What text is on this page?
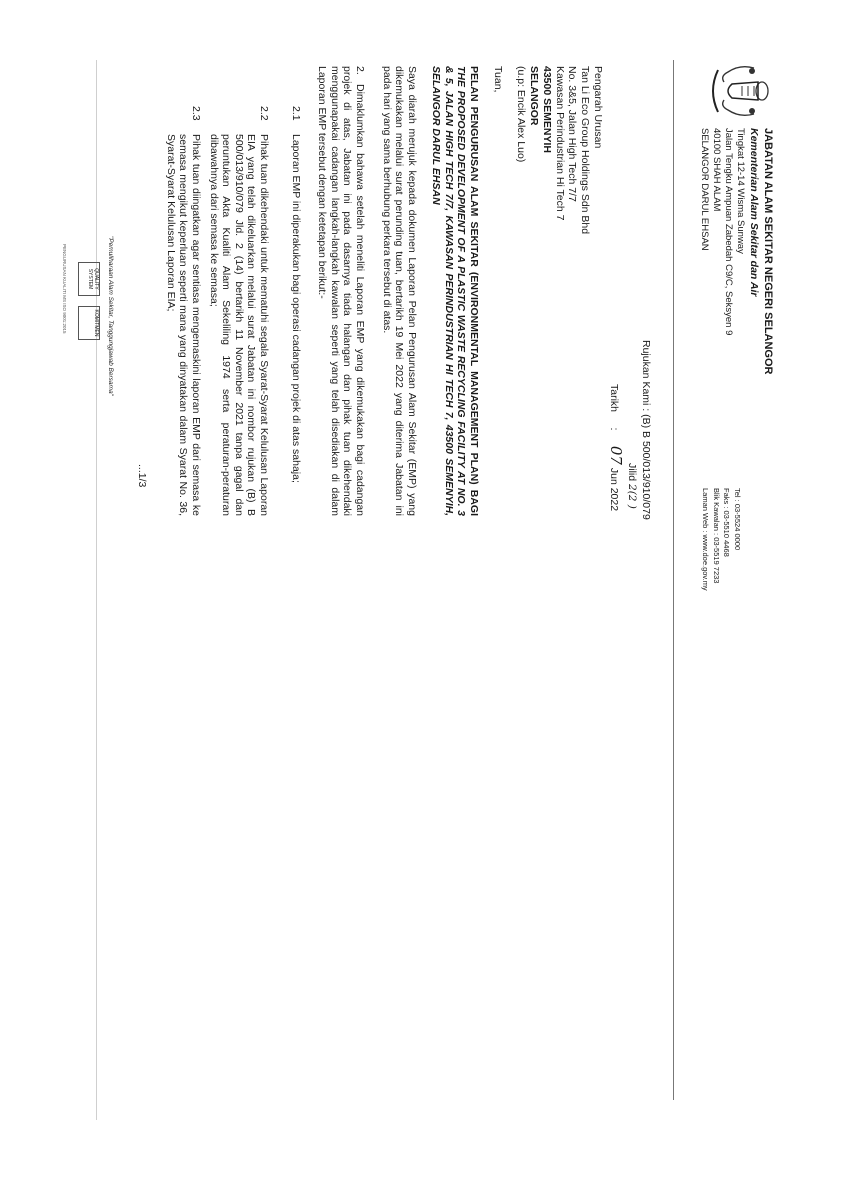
JABATAN ALAM SEKITAR NEGERI SELANGOR
Kementerian Alam Sekitar dan Air
Tingkat 12-14 Wisma Sunway
Jalan Tengku Ampuan Zabedah C9/C, Seksyen 9
40100 SHAH ALAM
SELANGOR DARUL EHSAN
Tel : 03-5524 0000
Faks : 03-5510 4468
Blik Kawalan : 03-5519 7233
Laman Web : www.doe.gov.my
Rujukan Kami : (B) B 500/013/910/079
Jilid 2(2 )
Tarikh : 07 Jun 2022
Pengarah Urusan
Tan Li Eco Group Holdings Sdn Bhd
No. 3&5, Jalan High Tech 7/7
Kawasan Perindustrian Hi Tech 7
43500 SEMENYIH
SELANGOR
(u.p: Encik Alex Luo)
Tuan,
PELAN PENGURUSAN ALAM SEKITAR (ENVIRONMENTAL MANAGEMENT PLAN) BAGI THE PROPOSED DEVELOPMENT OF A PLASTIC WASTE RECYCLING FACILITY AT NO. 3 & 5, JALAN HIGH TECH 7/7, KAWASAN PERINDUSTRIAN HI TECH 7, 43500 SEMENYIH, SELANGOR DARUL EHSAN
Saya diarah merujuk kepada dokumen Laporan Pelan Pengurusan Alam Sekitar (EMP) yang dikemukakan melalui surat perunding tuan, bertarikh 19 Mei 2022 yang diterima Jabatan ini pada hari yang sama berhubung perkara tersebut di atas.
2.
Dimaklumkan bahawa setelah meneliti Laporan EMP yang dikemukakan bagi cadangan projek di atas, Jabatan ini pada dasarnya tiada halangan dan pihak tuan dikehendaki menggunapakai cadangan langkah-langkah kawalan seperti yang telah disediakan di dalam Laporan EMP tersebut dengan ketetapan berikut:-
2.1
Laporan EMP ini diperakukan bagi operasi cadangan projek di atas sahaja;
2.2
Pihak tuan dikehendaki untuk mematuhi segala Syarat-Syarat Kelulusan Laporan EIA yang telah dikeluarkan melalui surat Jabatan ini nombor rujukan (B) B 500/013/910/079 Jld. 2 (14) bertarikh 11 November 2021 tanpa gagal dan peruntukan Akta Kualiti Alam Sekeliling 1974 serta peraturan-peraturan dibawahnya dari semasa ke semasa;
2.3
Pihak tuan diingatkan agar sentiasa mengemaskini laporan EMP dari semasa ke semasa mengikut keperluan seperti mana yang dinyatakan dalam Syarat No. 36, Syarat-Syarat Kelulusan Laporan EIA;
...1/3
"Pemuliharaan Alam Sekitar, Tanggungjawab Bersama"
QUALITY SYSTEM
KOMITMEN
PENGURUSAN KUALITI MS ISO 9001:2015
